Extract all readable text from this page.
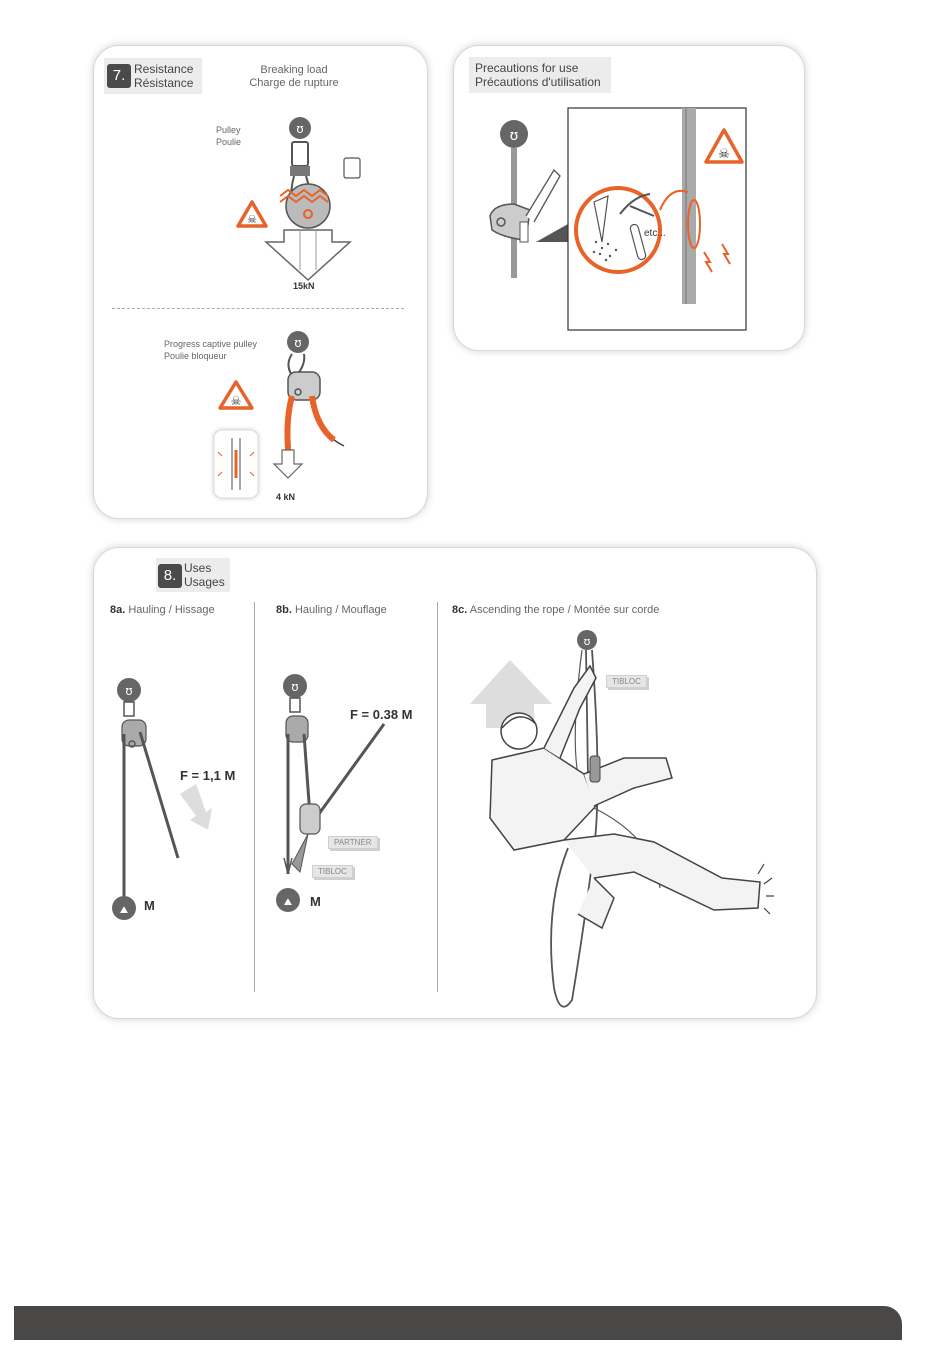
7. Resistance
Résistance
Breaking load
Charge de rupture
Pulley
Poulie
ʊ
☠
15kN
Progress captive pulley
Poulie bloqueur
ʊ
☠
4 kN
Precautions for use
Précautions d'utilisation
ʊ
☠
etc...
8. Uses
Usages
8a. Hauling / Hissage	8b. Hauling / Mouflage	8c. Ascending the rope / Montée sur corde
ʊ
⛰
F = 1,1 M
M
ʊ
⛰
F = 0.38 M
M
PARTNER
TIBLOC
ʊ
TIBLOC
